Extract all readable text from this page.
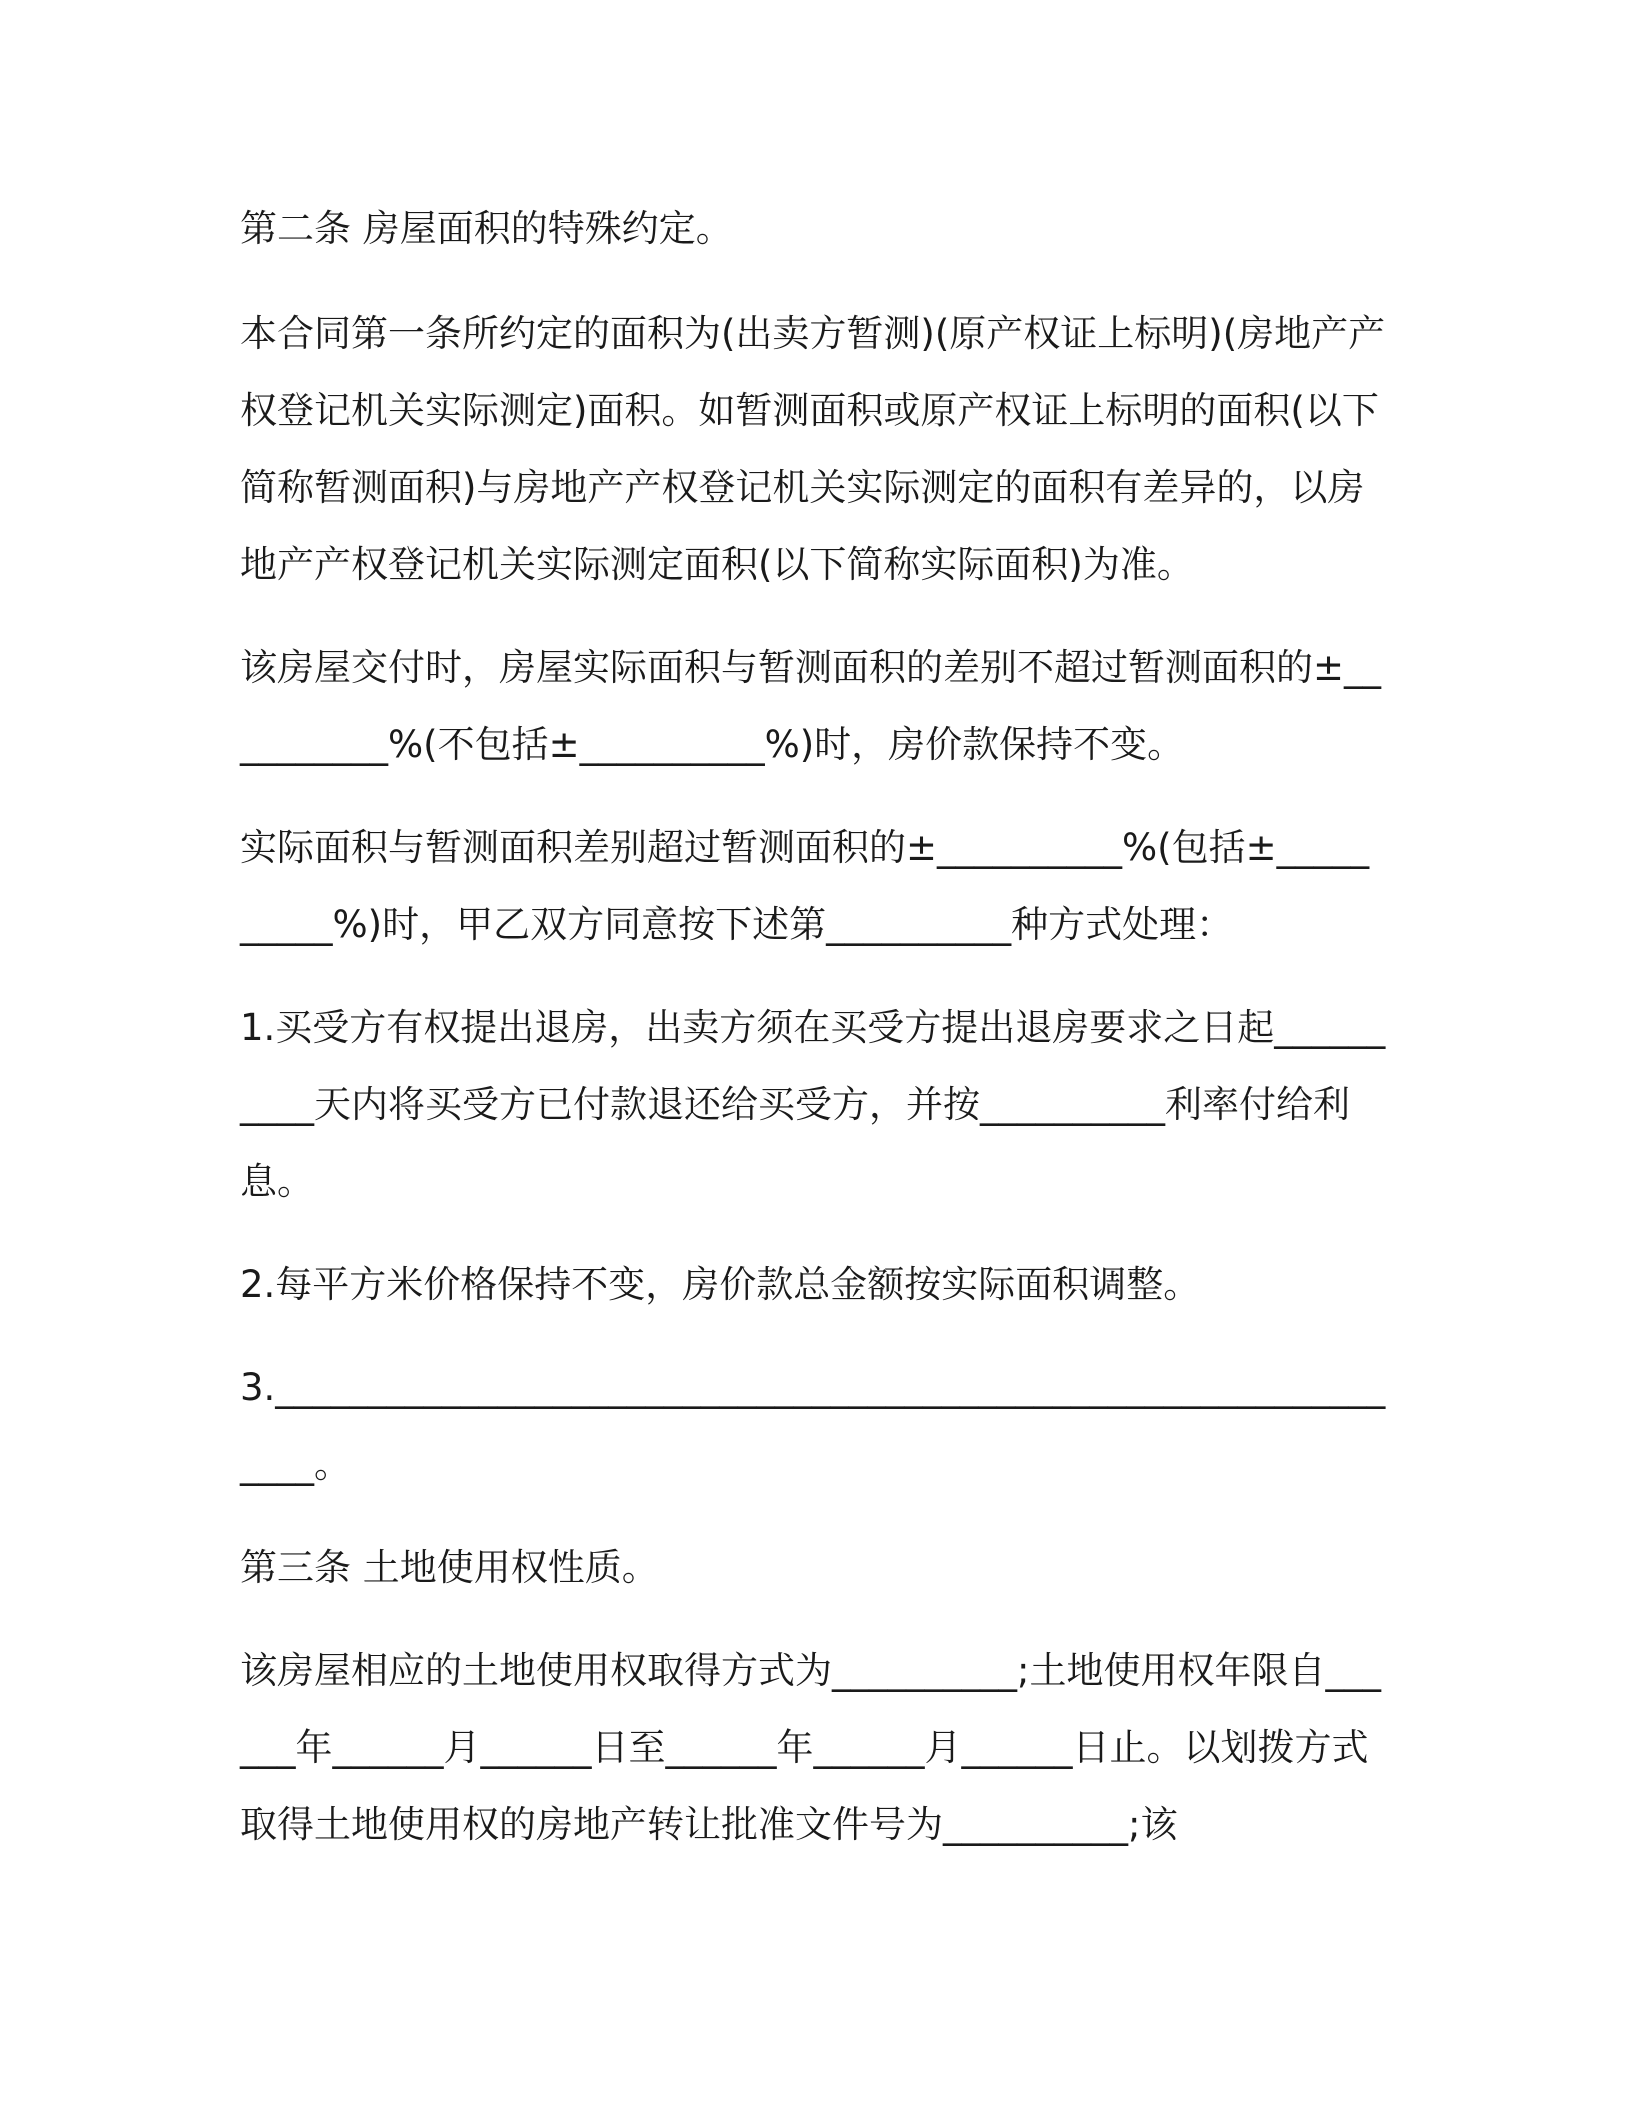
第二条 房屋面积的特殊约定。

本合同第一条所约定的面积为(出卖方暂测)(原产权证上标明)(房地产产权登记机关实际测定)面积。如暂测面积或原产权证上标明的面积(以下简称暂测面积)与房地产产权登记机关实际测定的面积有差异的，以房地产产权登记机关实际测定面积(以下简称实际面积)为准。

该房屋交付时，房屋实际面积与暂测面积的差别不超过暂测面积的±__________%(不包括±__________%)时，房价款保持不变。

实际面积与暂测面积差别超过暂测面积的±__________%(包括±__________%)时，甲乙双方同意按下述第__________种方式处理：

1.买受方有权提出退房，出卖方须在买受方提出退房要求之日起__________天内将买受方已付款退还给买受方，并按__________利率付给利息。

2.每平方米价格保持不变，房价款总金额按实际面积调整。

3.________________________________________________________________。

第三条 土地使用权性质。

该房屋相应的土地使用权取得方式为__________;土地使用权年限自______年______月______日至______年______月______日止。以划拨方式取得土地使用权的房地产转让批准文件号为__________;该
